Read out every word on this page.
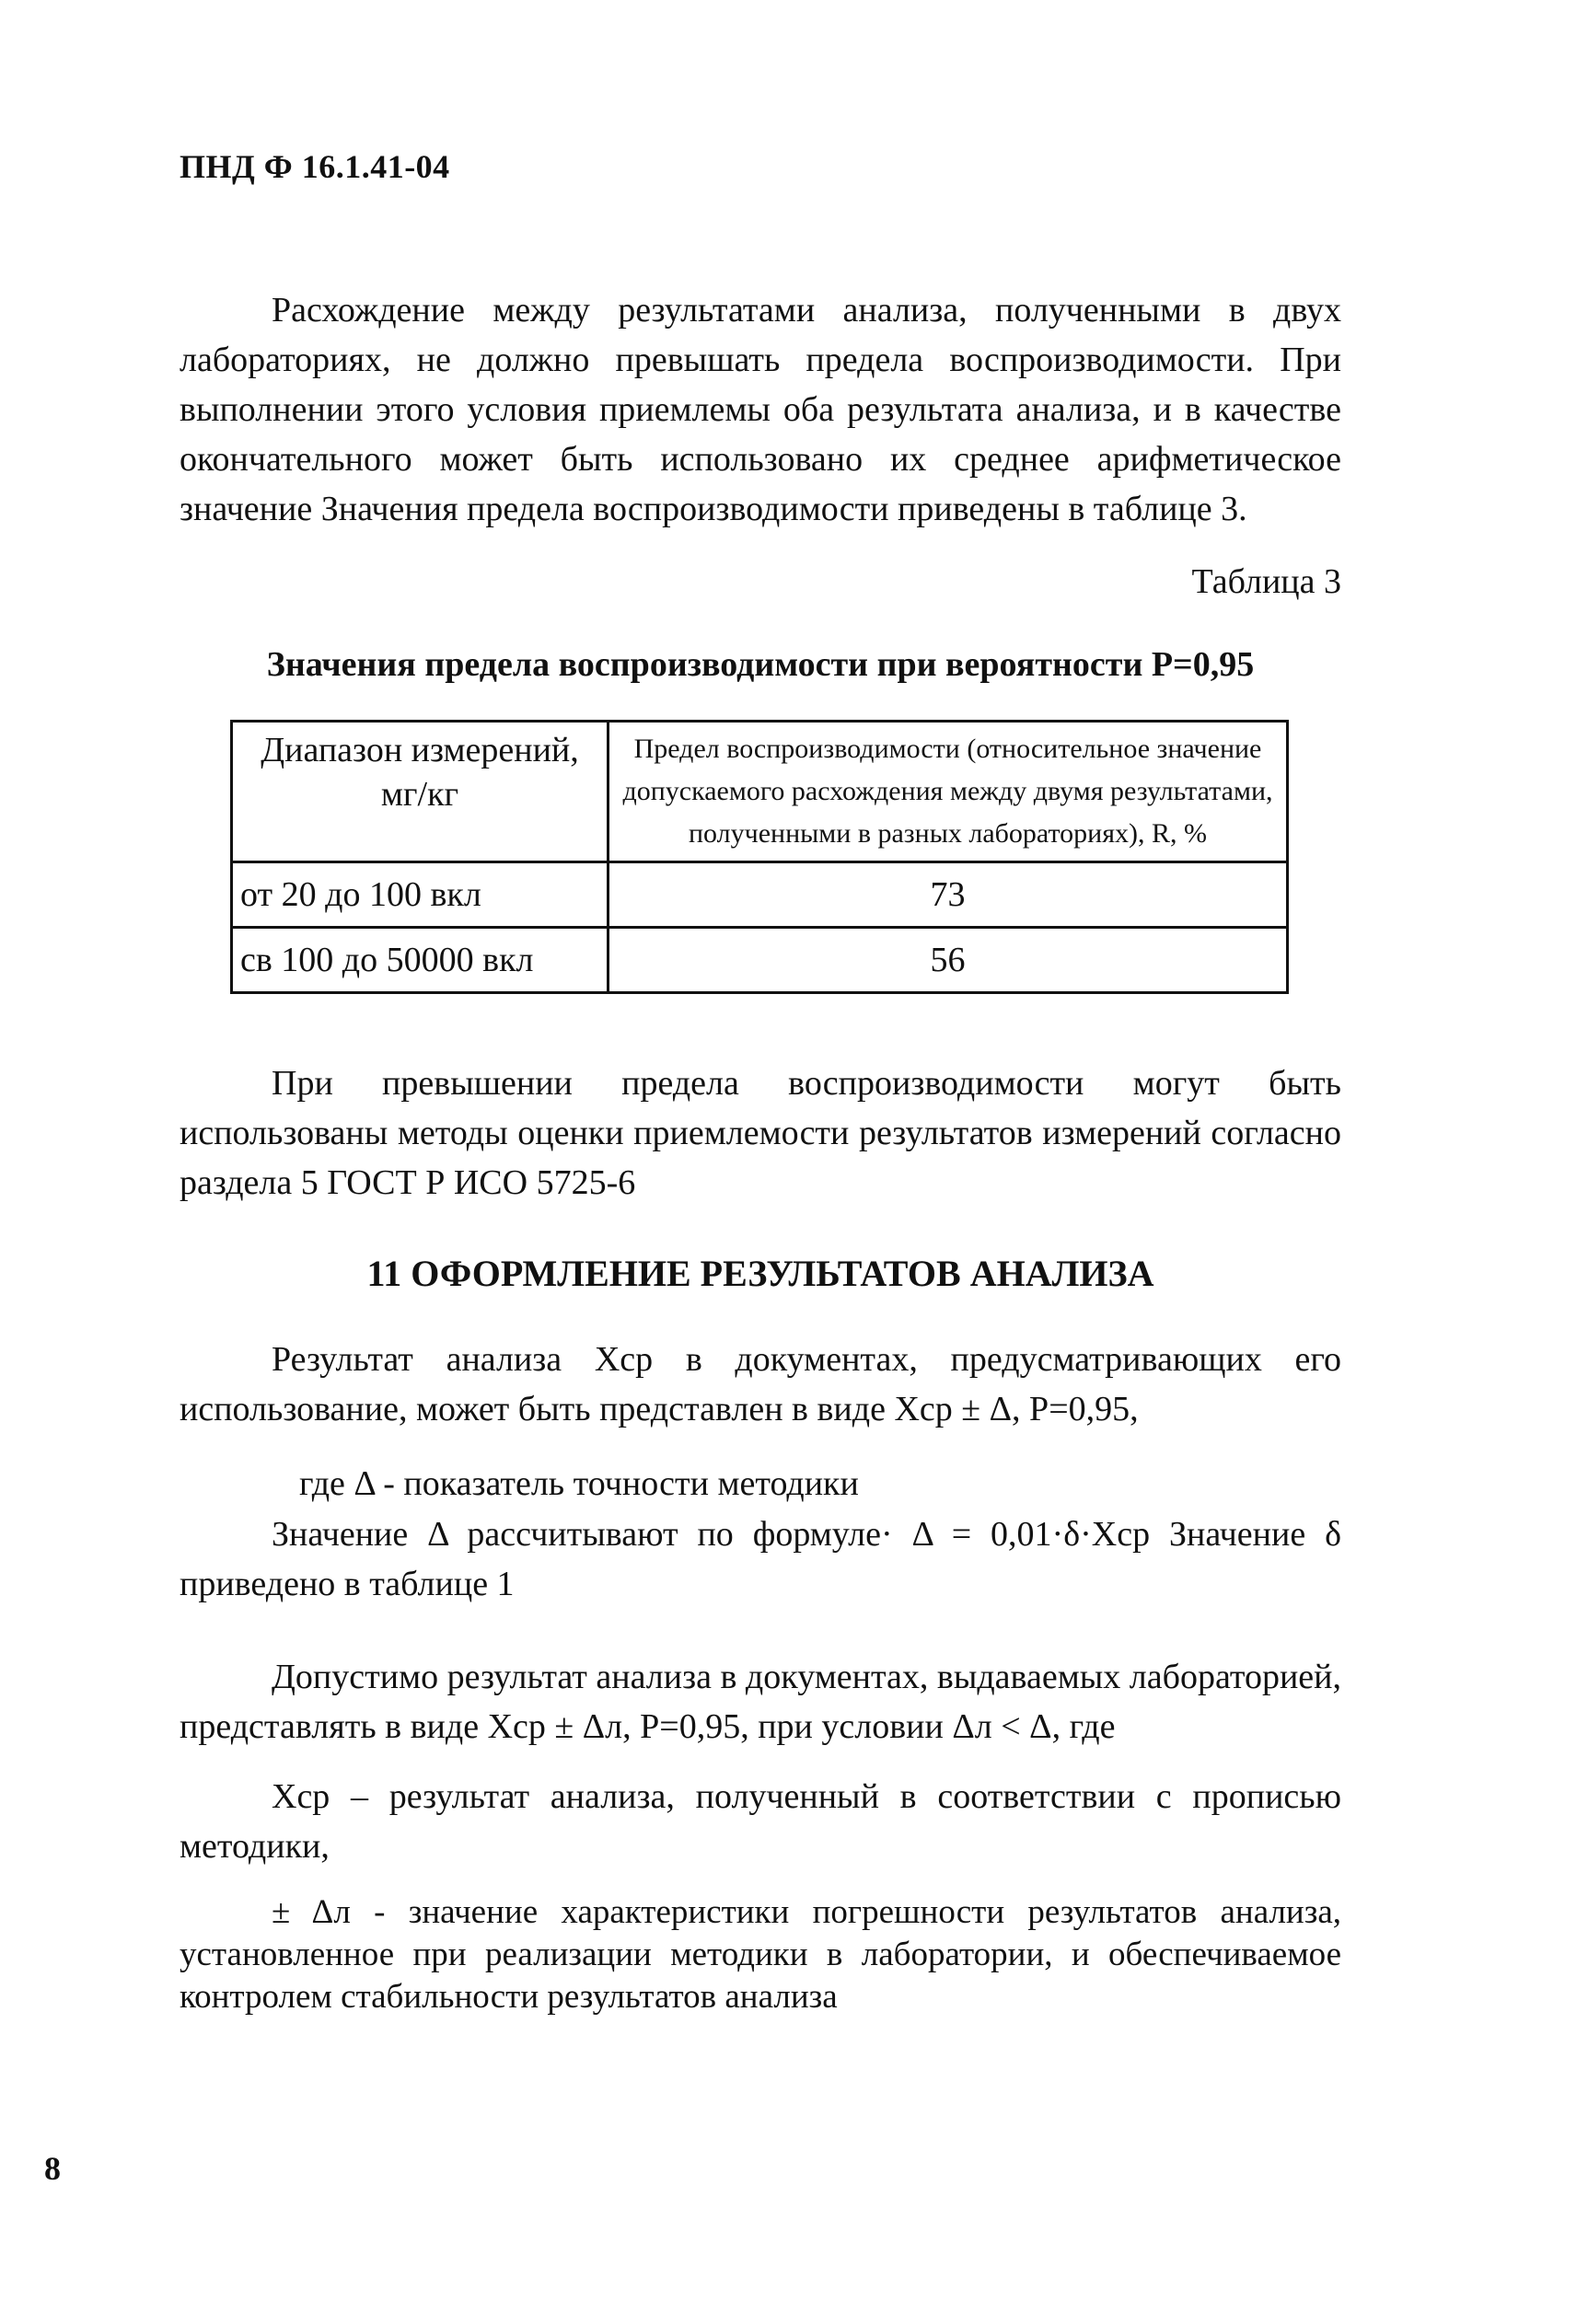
ПНД Ф 16.1.41-04

Расхождение между результатами анализа, полученными в двух лабораториях, не должно превышать предела воспроизводимости. При выполнении этого условия приемлемы оба результата анализа, и в качестве окончательного может быть использовано их среднее арифметическое значение Значения предела воспроизводимости приведены в таблице 3.

Таблица 3
Значения предела воспроизводимости при вероятности Р=0,95
Диапазон измерений, мг/кг	Предел воспроизводимости (относительное значение допускаемого расхождения между двумя результатами, полученными в разных лабораториях), R, %
от 20 до 100 вкл	73
св 100 до 50000 вкл	56

При превышении предела воспроизводимости могут быть использованы методы оценки приемлемости результатов измерений согласно раздела 5 ГОСТ Р ИСО 5725-6

11 ОФОРМЛЕНИЕ РЕЗУЛЬТАТОВ АНАЛИЗА

Результат анализа Xср в документах, предусматривающих его использование, может быть представлен в виде Xср ± Δ, Р=0,95,

где Δ - показатель точности методики

Значение Δ рассчитывают по формуле· Δ = 0,01·δ·Xср Значение δ приведено в таблице 1

Допустимо результат анализа в документах, выдаваемых лабораторией, представлять в виде Xср ± Δл, Р=0,95, при условии Δл < Δ, где

Xср – результат анализа, полученный в соответствии с прописью методики,

± Δл - значение характеристики погрешности результатов анализа, установленное при реализации методики в лаборатории, и обеспечиваемое контролем стабильности результатов анализа

8
